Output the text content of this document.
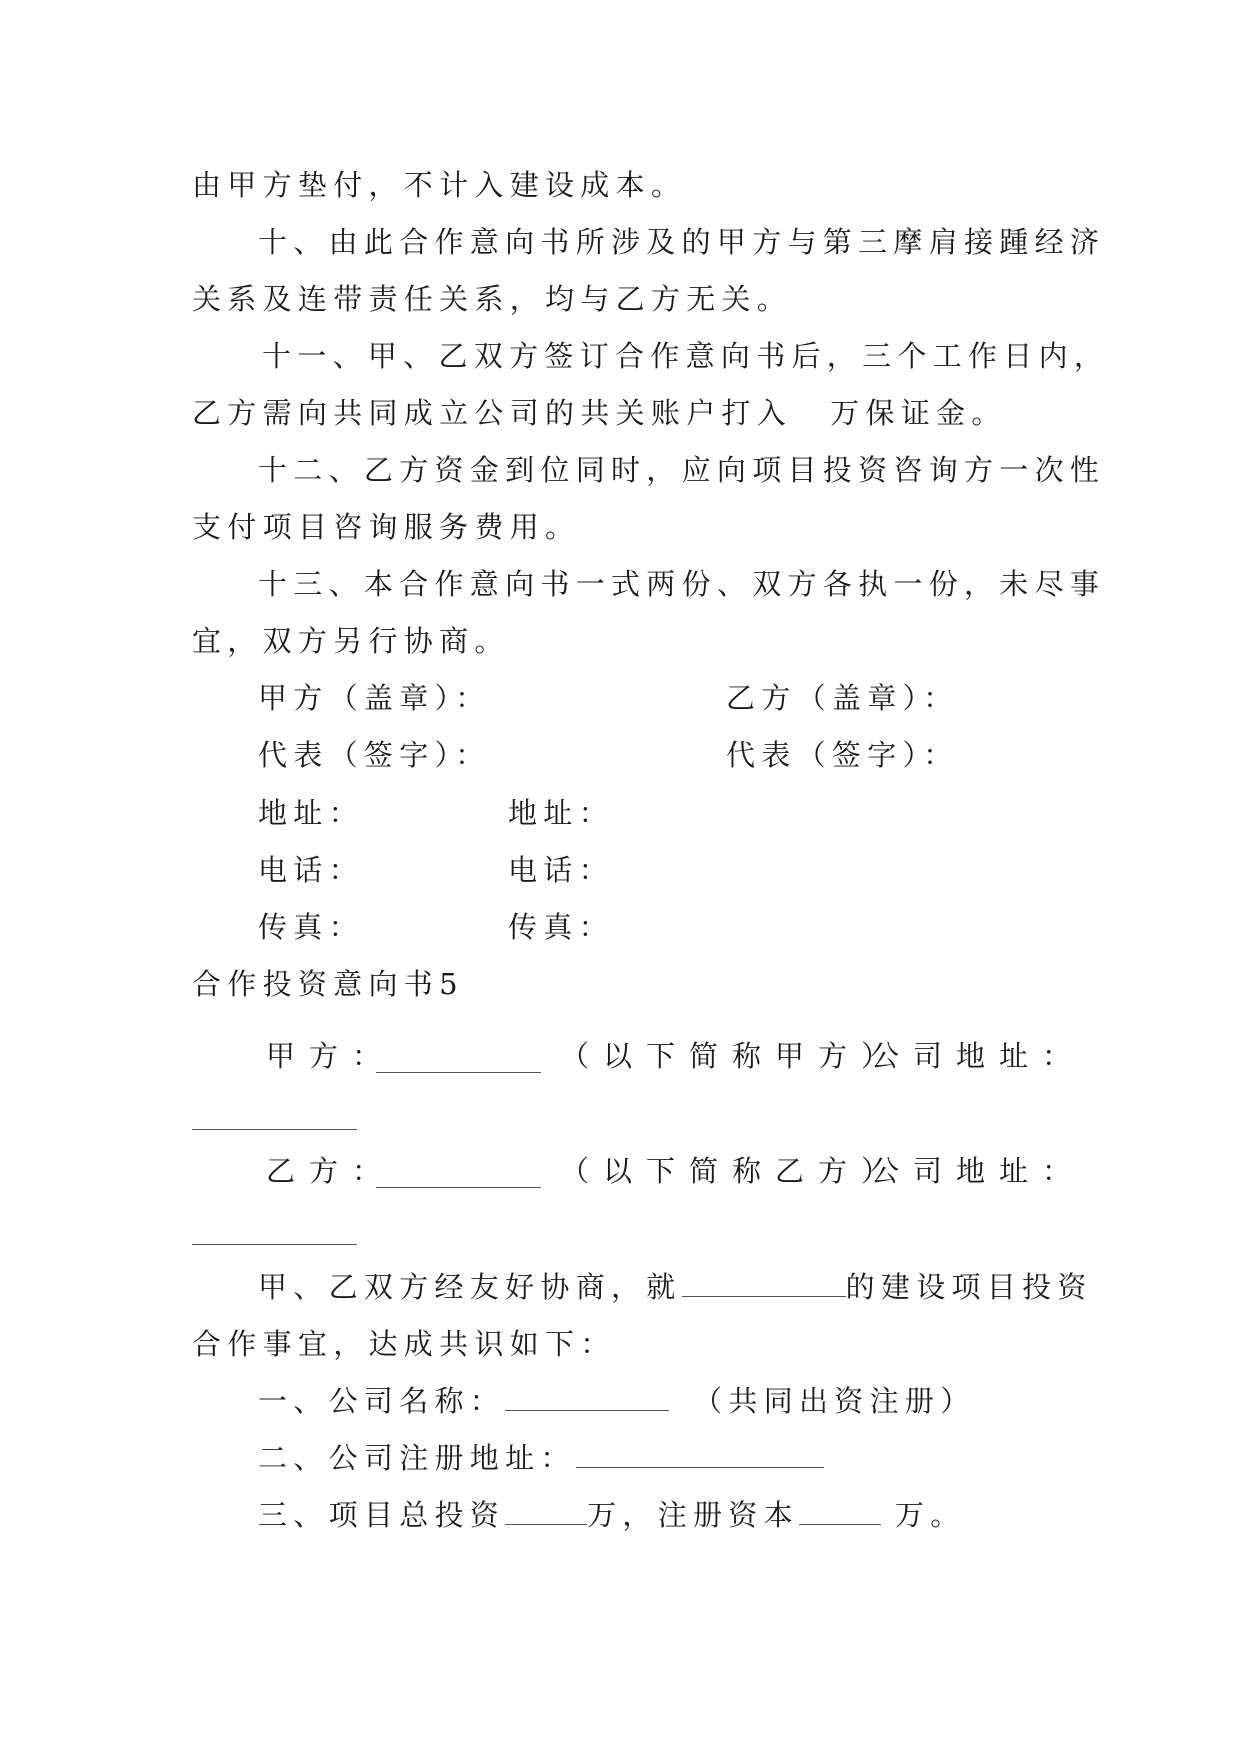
由甲方垫付，不计入建设成本。
十、由此合作意向书所涉及的甲方与第三摩肩接踵经济
关系及连带责任关系，均与乙方无关。
十一、甲、乙双方签订合作意向书后，三个工作日内，
乙方需向共同成立公司的共关账户打入 万保证金。
十二、乙方资金到位同时，应向项目投资咨询方一次性
支付项目咨询服务费用。
十三、本合作意向书一式两份、双方各执一份，未尽事
宜，双方另行协商。
甲方（盖章）：	乙方（盖章）：
代表（签字）：	代表（签字）：
地址：	地址：
电话：	电话：
传真：	传真：
合作投资意向书5
甲方：	（以下简称甲方）
公司地址：
乙方：	（以下简称乙方）
公司地址：
甲、乙双方经友好协商，就	的建设项目投资
合作事宜，达成共识如下：
一、公司名称：	（共同出资注册）
二、公司注册地址：
三、项目总投资	万，注册资本	万。
